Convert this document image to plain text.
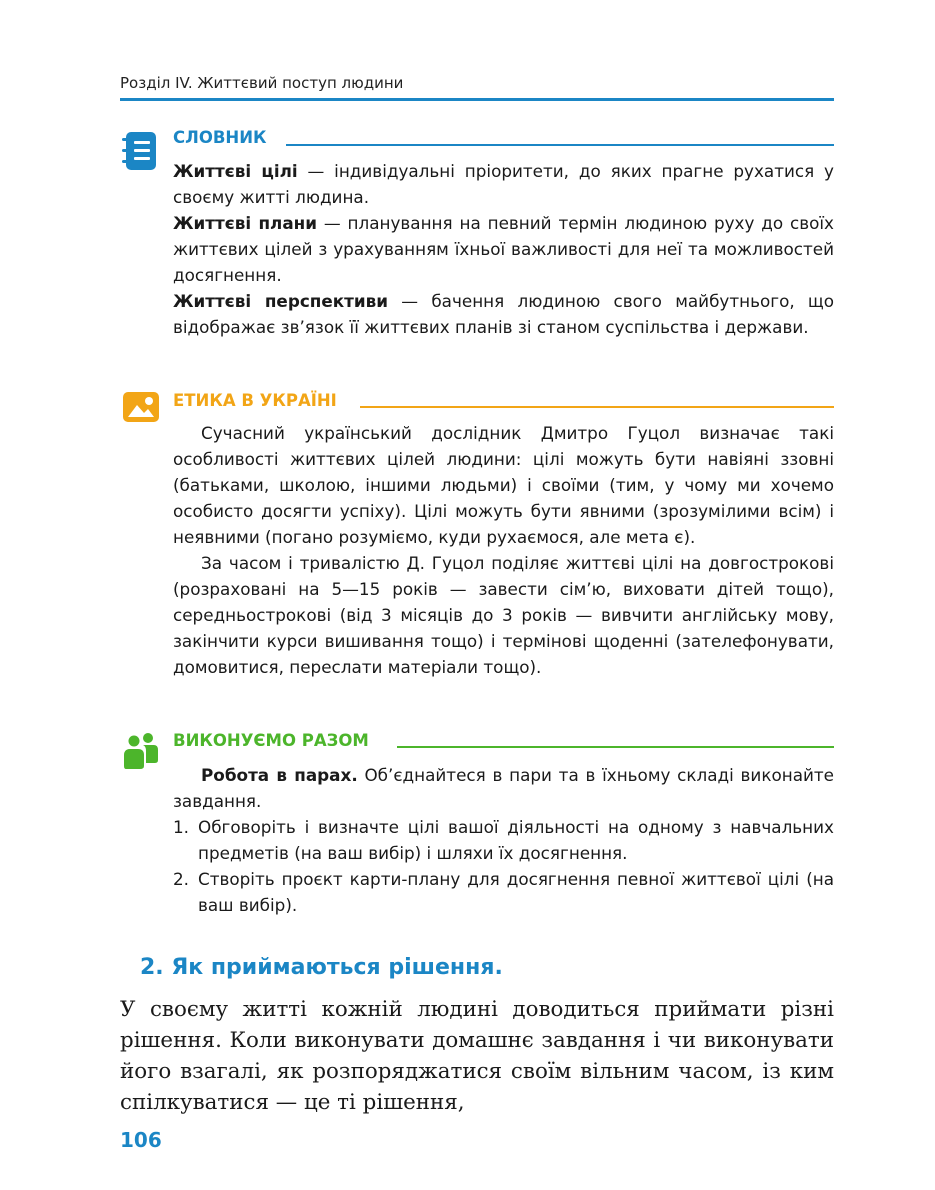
Розділ IV. Життєвий поступ людини
СЛОВНИК

Життєві цілі — індивідуальні пріоритети, до яких прагне рухатися у своєму житті людина.

Життєві плани — планування на певний термін людиною руху до своїх життєвих цілей з урахуванням їхньої важливості для неї та можливостей досягнення.

Життєві перспективи — бачення людиною свого майбутнього, що відображає зв’язок її життєвих планів зі станом суспільства і держави.

ЕТИКА В УКРАЇНІ

Сучасний український дослідник Дмитро Гуцол визначає такі особливості життєвих цілей людини: цілі можуть бути навіяні ззовні (батьками, школою, іншими людьми) і своїми (тим, у чому ми хочемо особисто досягти успіху). Цілі можуть бути явними (зрозумілими всім) і неявними (погано розуміємо, куди рухаємося, але мета є).

За часом і тривалістю Д. Гуцол поділяє життєві цілі на довгострокові (розраховані на 5—15 років — завести сім’ю, виховати дітей тощо), середньострокові (від 3 місяців до 3 років — вивчити англійську мову, закінчити курси вишивання тощо) і термінові щоденні (зателефонувати, домовитися, переслати матеріали тощо).

ВИКОНУЄМО РАЗОМ

Робота в парах. Об’єднайтеся в пари та в їхньому складі виконайте завдання.

1. Обговоріть і визначте цілі вашої діяльності на одному з навчальних предметів (на ваш вибір) і шляхи їх досягнення.
2. Створіть проєкт карти-плану для досягнення певної життєвої цілі (на ваш вибір).
2. Як приймаються рішення.
У своєму житті кожній людині доводиться приймати різні рішення. Коли виконувати домашнє завдання і чи виконувати його взагалі, як розпоряджатися своїм вільним часом, із ким спілкуватися — це ті рішення,
106
